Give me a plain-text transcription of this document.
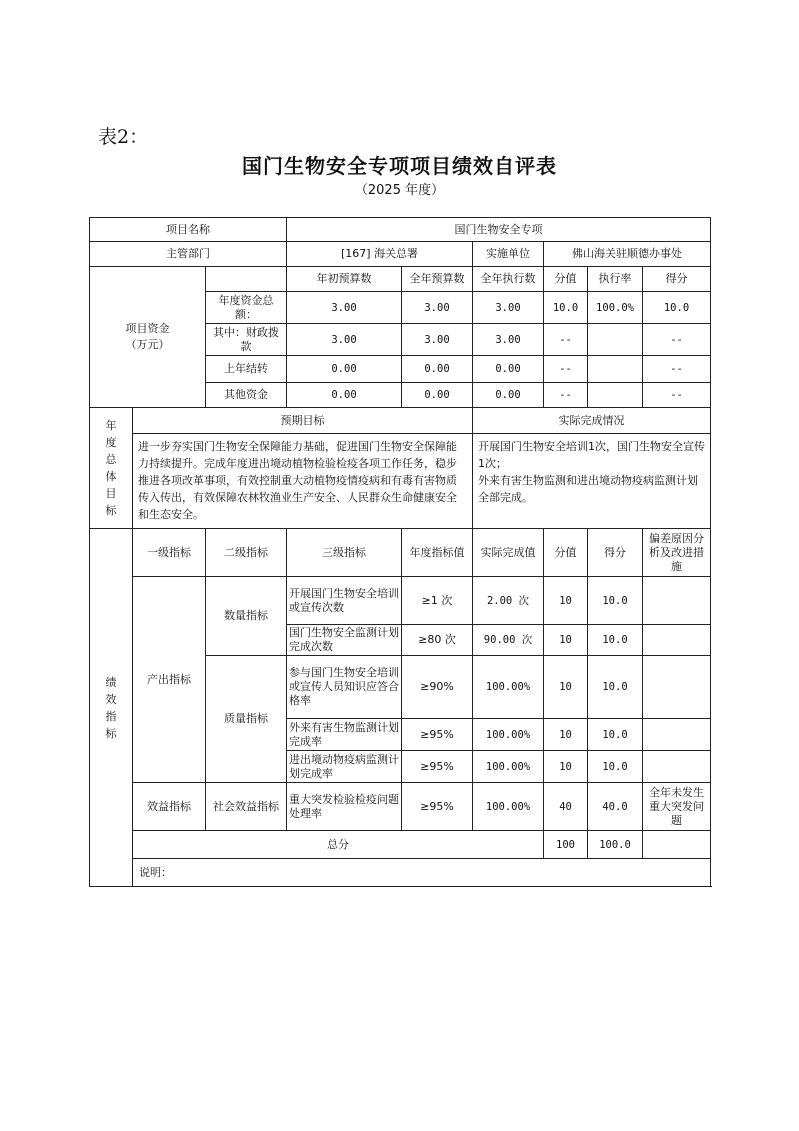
表2：
国门生物安全专项项目绩效自评表
（2025 年度）
项目名称			国门生物安全专项					
主管部门			[167] 海关总署		实施单位	佛山海关驻顺德办事处		
项目资金（万元）			年初预算数	全年预算数	全年执行数	分值	执行率	得分
		年度资金总额：	3.00	3.00	3.00	10.0	100.0%	10.0
		其中：财政拨款	3.00	3.00	3.00	--		--
		上年结转	0.00	0.00	0.00	--		--
		其他资金	0.00	0.00	0.00	--		--
年度总体目标	预期目标				实际完成情况			
	进一步夯实国门生物安全保障能力基础，促进国门生物安全保障能力持续提升。完成年度进出境动植物检验检疫各项工作任务，稳步推进各项改革事项，有效控制重大动植物疫情疫病和有毒有害物质传入传出，有效保障农林牧渔业生产安全、人民群众生命健康安全和生态安全。				开展国门生物安全培训1次，国门生物安全宣传1次；
外来有害生物监测和进出境动物疫病监测计划全部完成。			

绩效指标	一级指标	二级指标	三级指标	年度指标值	实际完成值	分值	得分	偏差原因分析及改进措施
	产出指标	数量指标	开展国门生物安全培训或宣传次数	≥1 次	2.00 次	10	10.0	
			国门生物安全监测计划完成次数	≥80 次	90.00 次	10	10.0	
		质量指标	参与国门生物安全培训或宣传人员知识应答合格率	≥90%	100.00%	10	10.0	
			外来有害生物监测计划完成率	≥95%	100.00%	10	10.0	
			进出境动物疫病监测计划完成率	≥95%	100.00%	10	10.0	
	效益指标	社会效益指标	重大突发检验检疫问题处理率	≥95%	100.00%	40	40.0	全年未发生重大突发问题
	总分					100	100.0	
	说明：							
